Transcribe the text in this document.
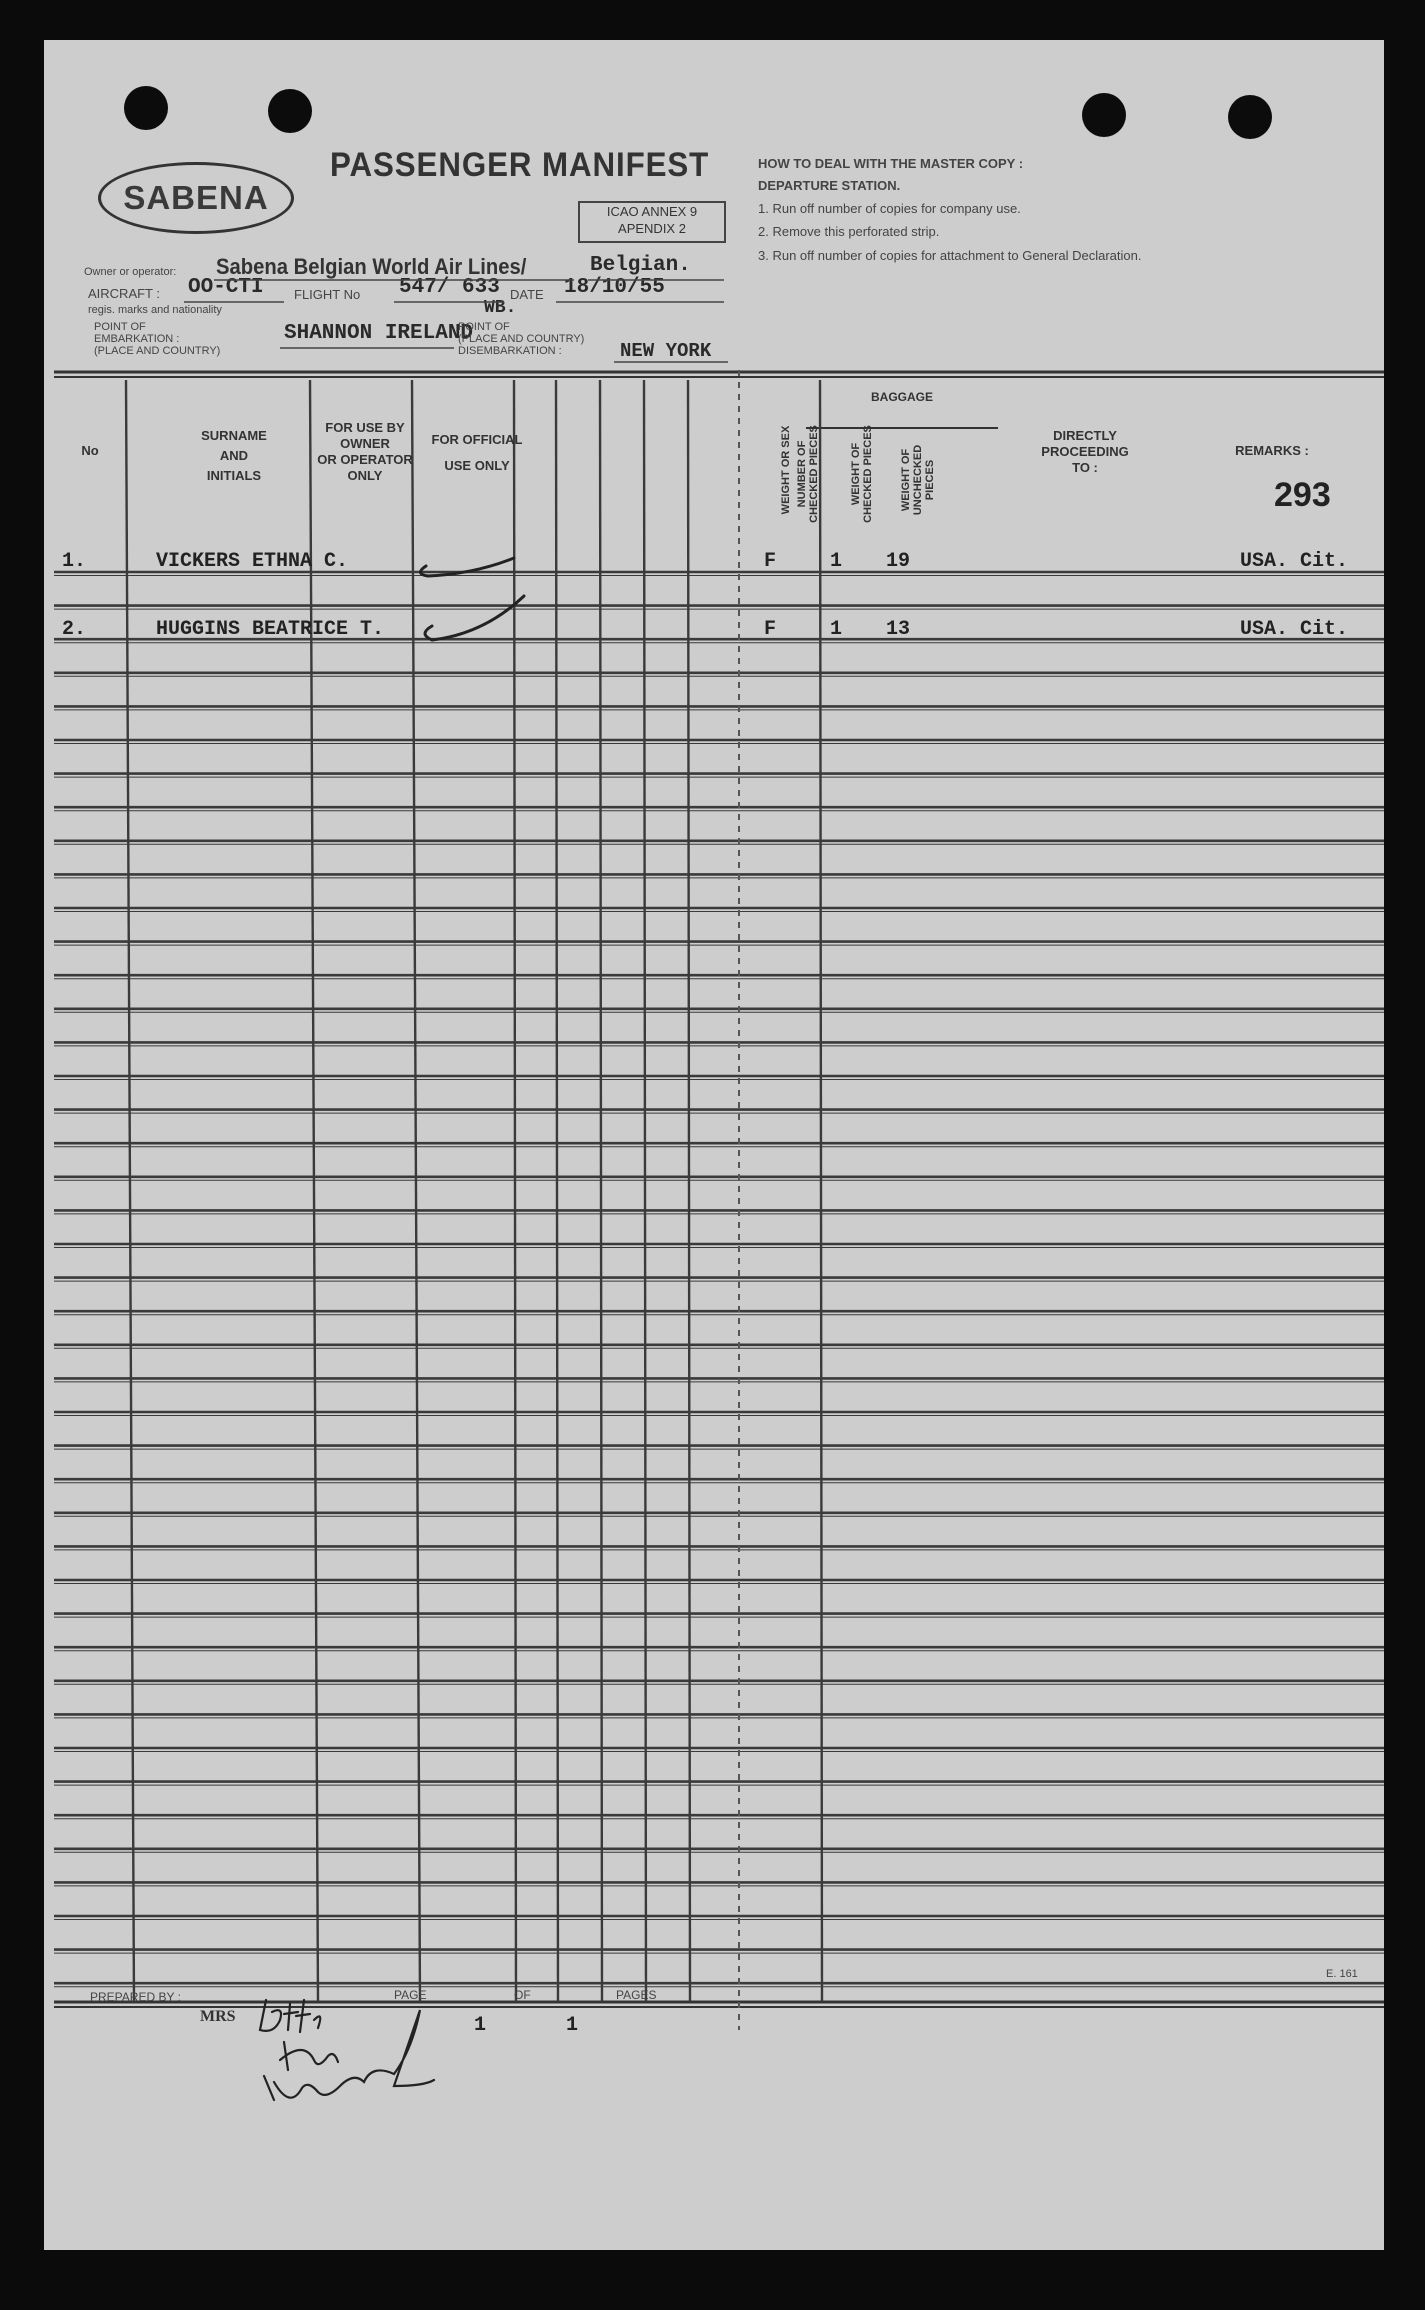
SABENA
PASSENGER MANIFEST
ICAO ANNEX 9
APENDIX 2
HOW TO DEAL WITH THE MASTER COPY :
DEPARTURE STATION.
1. Run off number of copies for company use.
2. Remove this perforated strip.
3. Run off number of copies for attachment to General Declaration.
Owner or operator: Sabena Belgian World Air Lines/	Belgian.
AIRCRAFT : OO-CTI FLIGHT No 547/ 633 DATE 18/10/55
WB.
regis. marks and nationality
POINT OF
EMBARKATION :
(PLACE AND COUNTRY)
SHANNON IRELAND
POINT OF
(PLACE AND COUNTRY)
DISEMBARKATION :	NEW YORK
No
SURNAME
AND
INITIALS
FOR USE BY
OWNER
OR OPERATOR
ONLY
FOR OFFICIAL
USE ONLY	WEIGHT OR SEX
BAGGAGE
NUMBER OF CHECKED PIECES	WEIGHT OF CHECKED PIECES WEIGHT OF UNCHECKED PIECES
DIRECTLY
PROCEEDING
TO :
REMARKS :
293
1.	VICKERS ETHNA C.	F	1 19	USA. Cit.
2.	HUGGINS BEATRICE T.	F	1 13	USA. Cit.
PREPARED BY :
MRS
PAGE	OF	PAGES
1	1
E. 161
